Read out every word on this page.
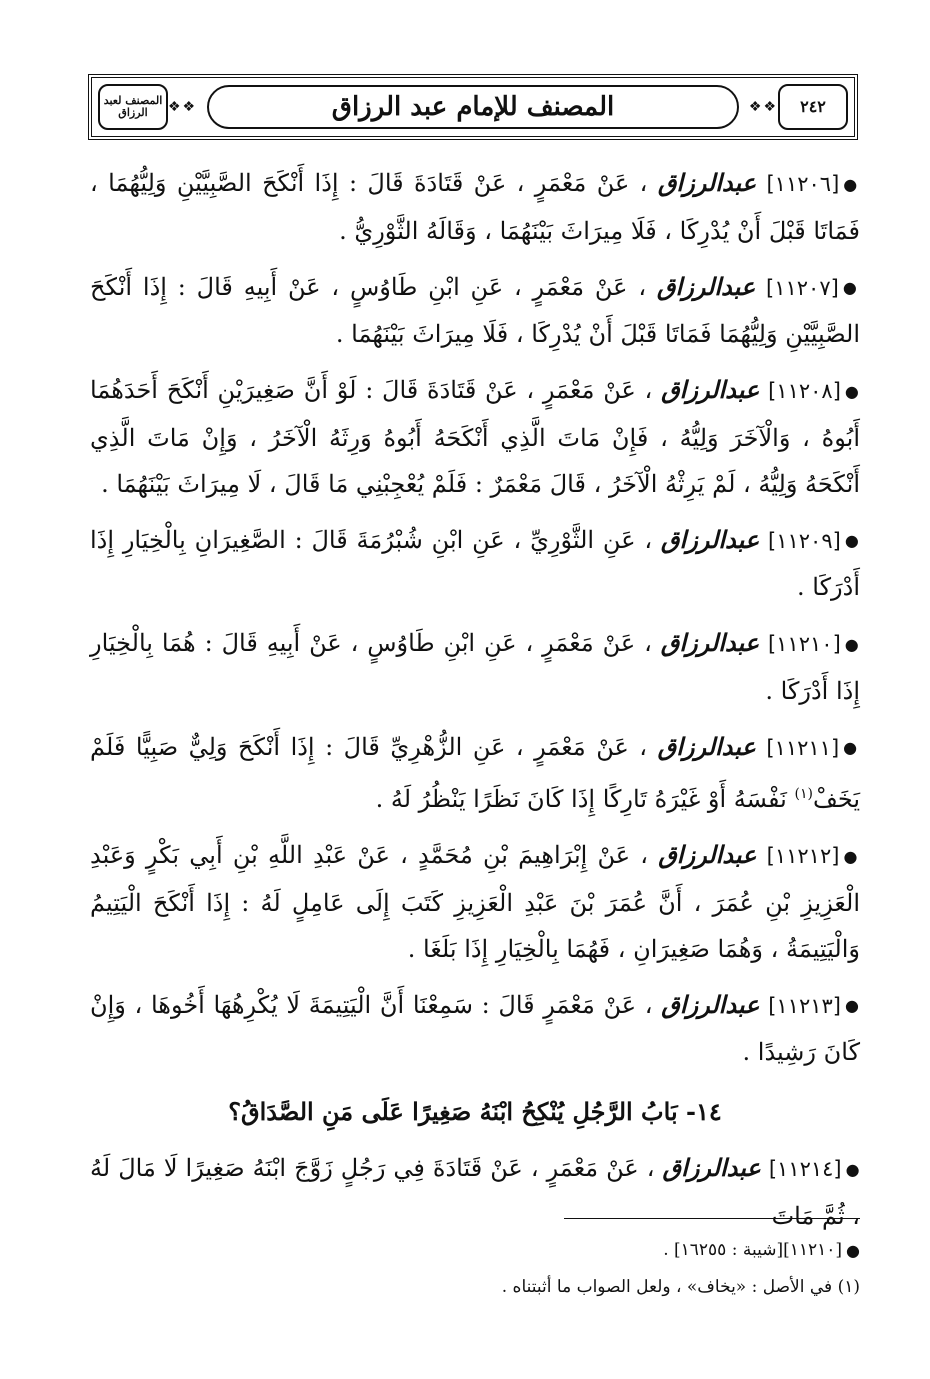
المصنف لعبد الرزاق	❖❖	المصنف للإمام عبد الرزاق	❖❖ ٢٤٢

●[١١٢٠٦] عبدالرزاق ، عَنْ مَعْمَرٍ ، عَنْ قَتَادَةَ قَالَ : إِذَا أَنْكَحَ الصَّبِيَّيْنِ وَلِيُّهُمَا ، فَمَاتَا قَبْلَ أَنْ يُدْرِكَا ، فَلَا مِيرَاثَ بَيْنَهُمَا ، وَقَالَهُ الثَّوْرِيُّ .

●[١١٢٠٧] عبدالرزاق ، عَنْ مَعْمَرٍ ، عَنِ ابْنِ طَاوُسٍ ، عَنْ أَبِيهِ قَالَ : إِذَا أَنْكَحَ الصَّبِيَّيْنِ وَلِيُّهُمَا فَمَاتَا قَبْلَ أَنْ يُدْرِكَا ، فَلَا مِيرَاثَ بَيْنَهُمَا .

●[١١٢٠٨] عبدالرزاق ، عَنْ مَعْمَرٍ ، عَنْ قَتَادَةَ قَالَ : لَوْ أَنَّ صَغِيرَيْنِ أَنْكَحَ أَحَدَهُمَا أَبُوهُ ، وَالْآخَرَ وَلِيُّهُ ، فَإِنْ مَاتَ الَّذِي أَنْكَحَهُ أَبُوهُ وَرِثَهُ الْآخَرُ ، وَإِنْ مَاتَ الَّذِي أَنْكَحَهُ وَلِيُّهُ ، لَمْ يَرِثْهُ الْآخَرُ ، قَالَ مَعْمَرٌ : فَلَمْ يُعْجِبْنِي مَا قَالَ ، لَا مِيرَاثَ بَيْنَهُمَا .

●[١١٢٠٩] عبدالرزاق ، عَنِ الثَّوْرِيِّ ، عَنِ ابْنِ شُبْرُمَةَ قَالَ : الصَّغِيرَانِ بِالْخِيَارِ إِذَا أَدْرَكَا .

●[١١٢١٠] عبدالرزاق ، عَنْ مَعْمَرٍ ، عَنِ ابْنِ طَاوُسٍ ، عَنْ أَبِيهِ قَالَ : هُمَا بِالْخِيَارِ إِذَا أَدْرَكَا .

●[١١٢١١] عبدالرزاق ، عَنْ مَعْمَرٍ ، عَنِ الزُّهْرِيِّ قَالَ : إِذَا أَنْكَحَ وَلِيٌّ صَبِيًّا فَلَمْ يَخَفْ$^{(١)}$ نَفْسَهُ أَوْ غَيْرَهُ تَارِكًا إِذَا كَانَ نَظَرًا يَنْظُرُ لَهُ .

●[١١٢١٢] عبدالرزاق ، عَنْ إِبْرَاهِيمَ بْنِ مُحَمَّدٍ ، عَنْ عَبْدِ اللَّهِ بْنِ أَبِي بَكْرٍ وَعَبْدِ الْعَزِيزِ بْنِ عُمَرَ ، أَنَّ عُمَرَ بْنَ عَبْدِ الْعَزِيزِ كَتَبَ إِلَى عَامِلٍ لَهُ : إِذَا أَنْكَحَ الْيَتِيمُ وَالْيَتِيمَةُ ، وَهُمَا صَغِيرَانِ ، فَهُمَا بِالْخِيَارِ إِذَا بَلَغَا .

●[١١٢١٣] عبدالرزاق ، عَنْ مَعْمَرٍ قَالَ : سَمِعْنَا أَنَّ الْيَتِيمَةَ لَا يُكْرِهُهَا أَخُوهَا ، وَإِنْ كَانَ رَشِيدًا .

١٤- بَابُ الرَّجُلِ يُنْكِحُ ابْنَهُ صَغِيرًا عَلَى مَنِ الصَّدَاقُ؟

●[١١٢١٤] عبدالرزاق ، عَنْ مَعْمَرٍ ، عَنْ قَتَادَةَ فِي رَجُلٍ زَوَّجَ ابْنَهُ صَغِيرًا لَا مَالَ لَهُ ، ثُمَّ مَاتَ

●[١١٢١٠][شيبة : ١٦٢٥٥] .
(١) في الأصل : «يخاف» ، ولعل الصواب ما أثبتناه .
